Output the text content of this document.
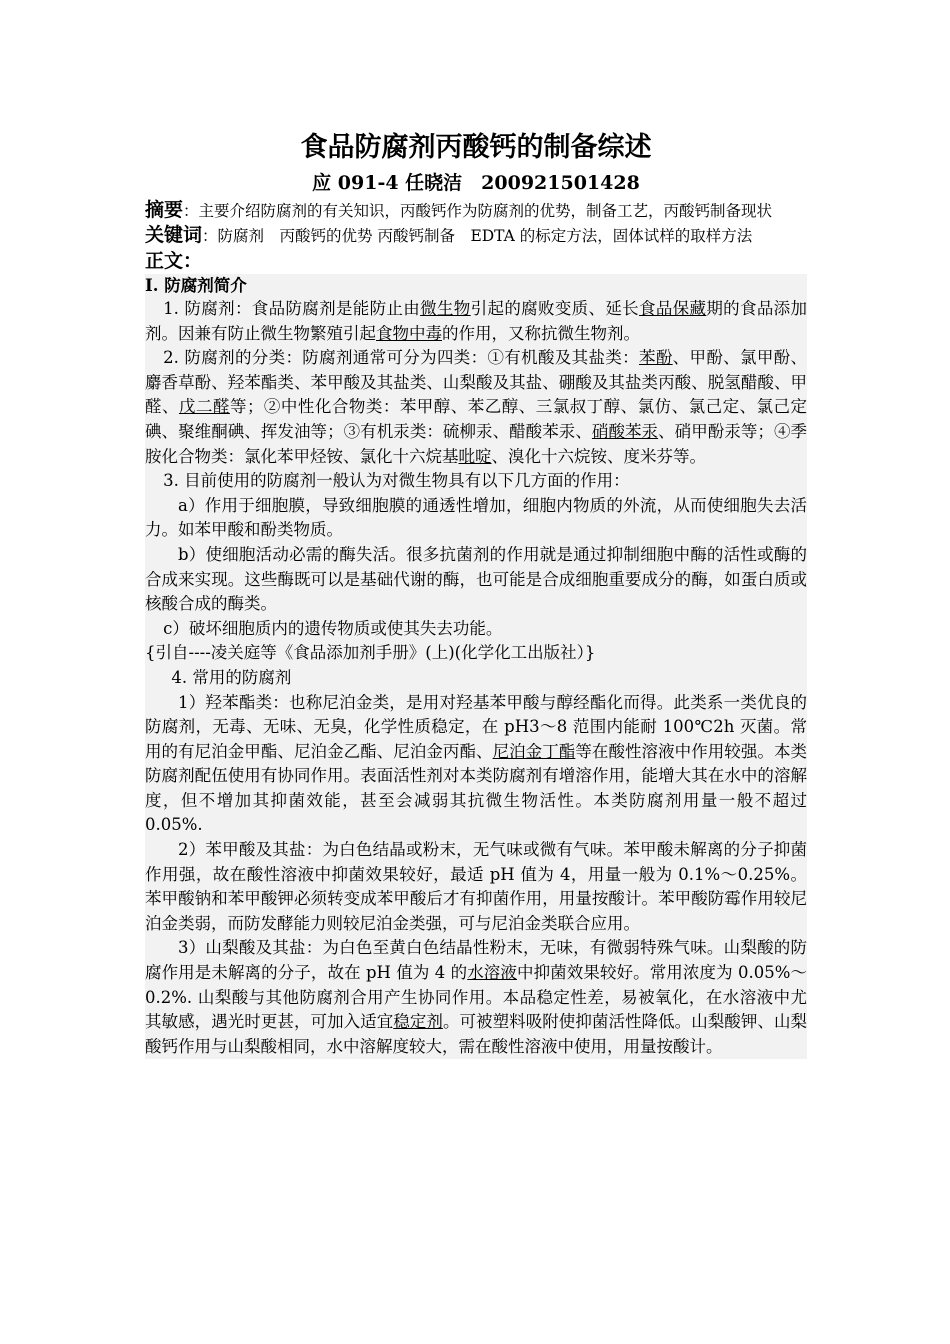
食品防腐剂丙酸钙的制备综述
应 091-4 任晓洁　200921501428

摘要：主要介绍防腐剂的有关知识，丙酸钙作为防腐剂的优势，制备工艺，丙酸钙制备现状

关键词：防腐剂　丙酸钙的优势 丙酸钙制备　EDTA 的标定方法，固体试样的取样方法

正文：
I. 防腐剂简介

1. 防腐剂：食品防腐剂是能防止由微生物引起的腐败变质、延长食品保藏期的食品添加剂。因兼有防止微生物繁殖引起食物中毒的作用，又称抗微生物剂。

2. 防腐剂的分类：防腐剂通常可分为四类：①有机酸及其盐类：苯酚、甲酚、氯甲酚、麝香草酚、羟苯酯类、苯甲酸及其盐类、山梨酸及其盐、硼酸及其盐类丙酸、脱氢醋酸、甲醛、戊二醛等；②中性化合物类：苯甲醇、苯乙醇、三氯叔丁醇、氯仿、氯己定、氯己定碘、聚维酮碘、挥发油等；③有机汞类：硫柳汞、醋酸苯汞、硝酸苯汞、硝甲酚汞等；④季胺化合物类：氯化苯甲烃铵、氯化十六烷基吡啶、溴化十六烷铵、度米芬等。

3. 目前使用的防腐剂一般认为对微生物具有以下几方面的作用：

a）作用于细胞膜，导致细胞膜的通透性增加，细胞内物质的外流，从而使细胞失去活力。如苯甲酸和酚类物质。

b）使细胞活动必需的酶失活。很多抗菌剂的作用就是通过抑制细胞中酶的活性或酶的合成来实现。这些酶既可以是基础代谢的酶，也可能是合成细胞重要成分的酶，如蛋白质或核酸合成的酶类。

c）破坏细胞质内的遗传物质或使其失去功能。

{引自----凌关庭等《食品添加剂手册》(上)(化学化工出版社）}

4. 常用的防腐剂

1）羟苯酯类：也称尼泊金类，是用对羟基苯甲酸与醇经酯化而得。此类系一类优良的防腐剂，无毒、无味、无臭，化学性质稳定，在 pH3～8 范围内能耐 100℃2h 灭菌。常用的有尼泊金甲酯、尼泊金乙酯、尼泊金丙酯、尼泊金丁酯等在酸性溶液中作用较强。本类防腐剂配伍使用有协同作用。表面活性剂对本类防腐剂有增溶作用，能增大其在水中的溶解度，但不增加其抑菌效能，甚至会减弱其抗微生物活性。本类防腐剂用量一般不超过 0.05%.

2）苯甲酸及其盐：为白色结晶或粉末，无气味或微有气味。苯甲酸未解离的分子抑菌作用强，故在酸性溶液中抑菌效果较好，最适 pH 值为 4，用量一般为 0.1%～0.25%。苯甲酸钠和苯甲酸钾必须转变成苯甲酸后才有抑菌作用，用量按酸计。苯甲酸防霉作用较尼泊金类弱，而防发酵能力则较尼泊金类强，可与尼泊金类联合应用。

3）山梨酸及其盐：为白色至黄白色结晶性粉末，无味，有微弱特殊气味。山梨酸的防腐作用是未解离的分子，故在 pH 值为 4 的水溶液中抑菌效果较好。常用浓度为 0.05%～0.2%. 山梨酸与其他防腐剂合用产生协同作用。本品稳定性差，易被氧化，在水溶液中尤其敏感，遇光时更甚，可加入适宜稳定剂。可被塑料吸附使抑菌活性降低。山梨酸钾、山梨酸钙作用与山梨酸相同，水中溶解度较大，需在酸性溶液中使用，用量按酸计。
